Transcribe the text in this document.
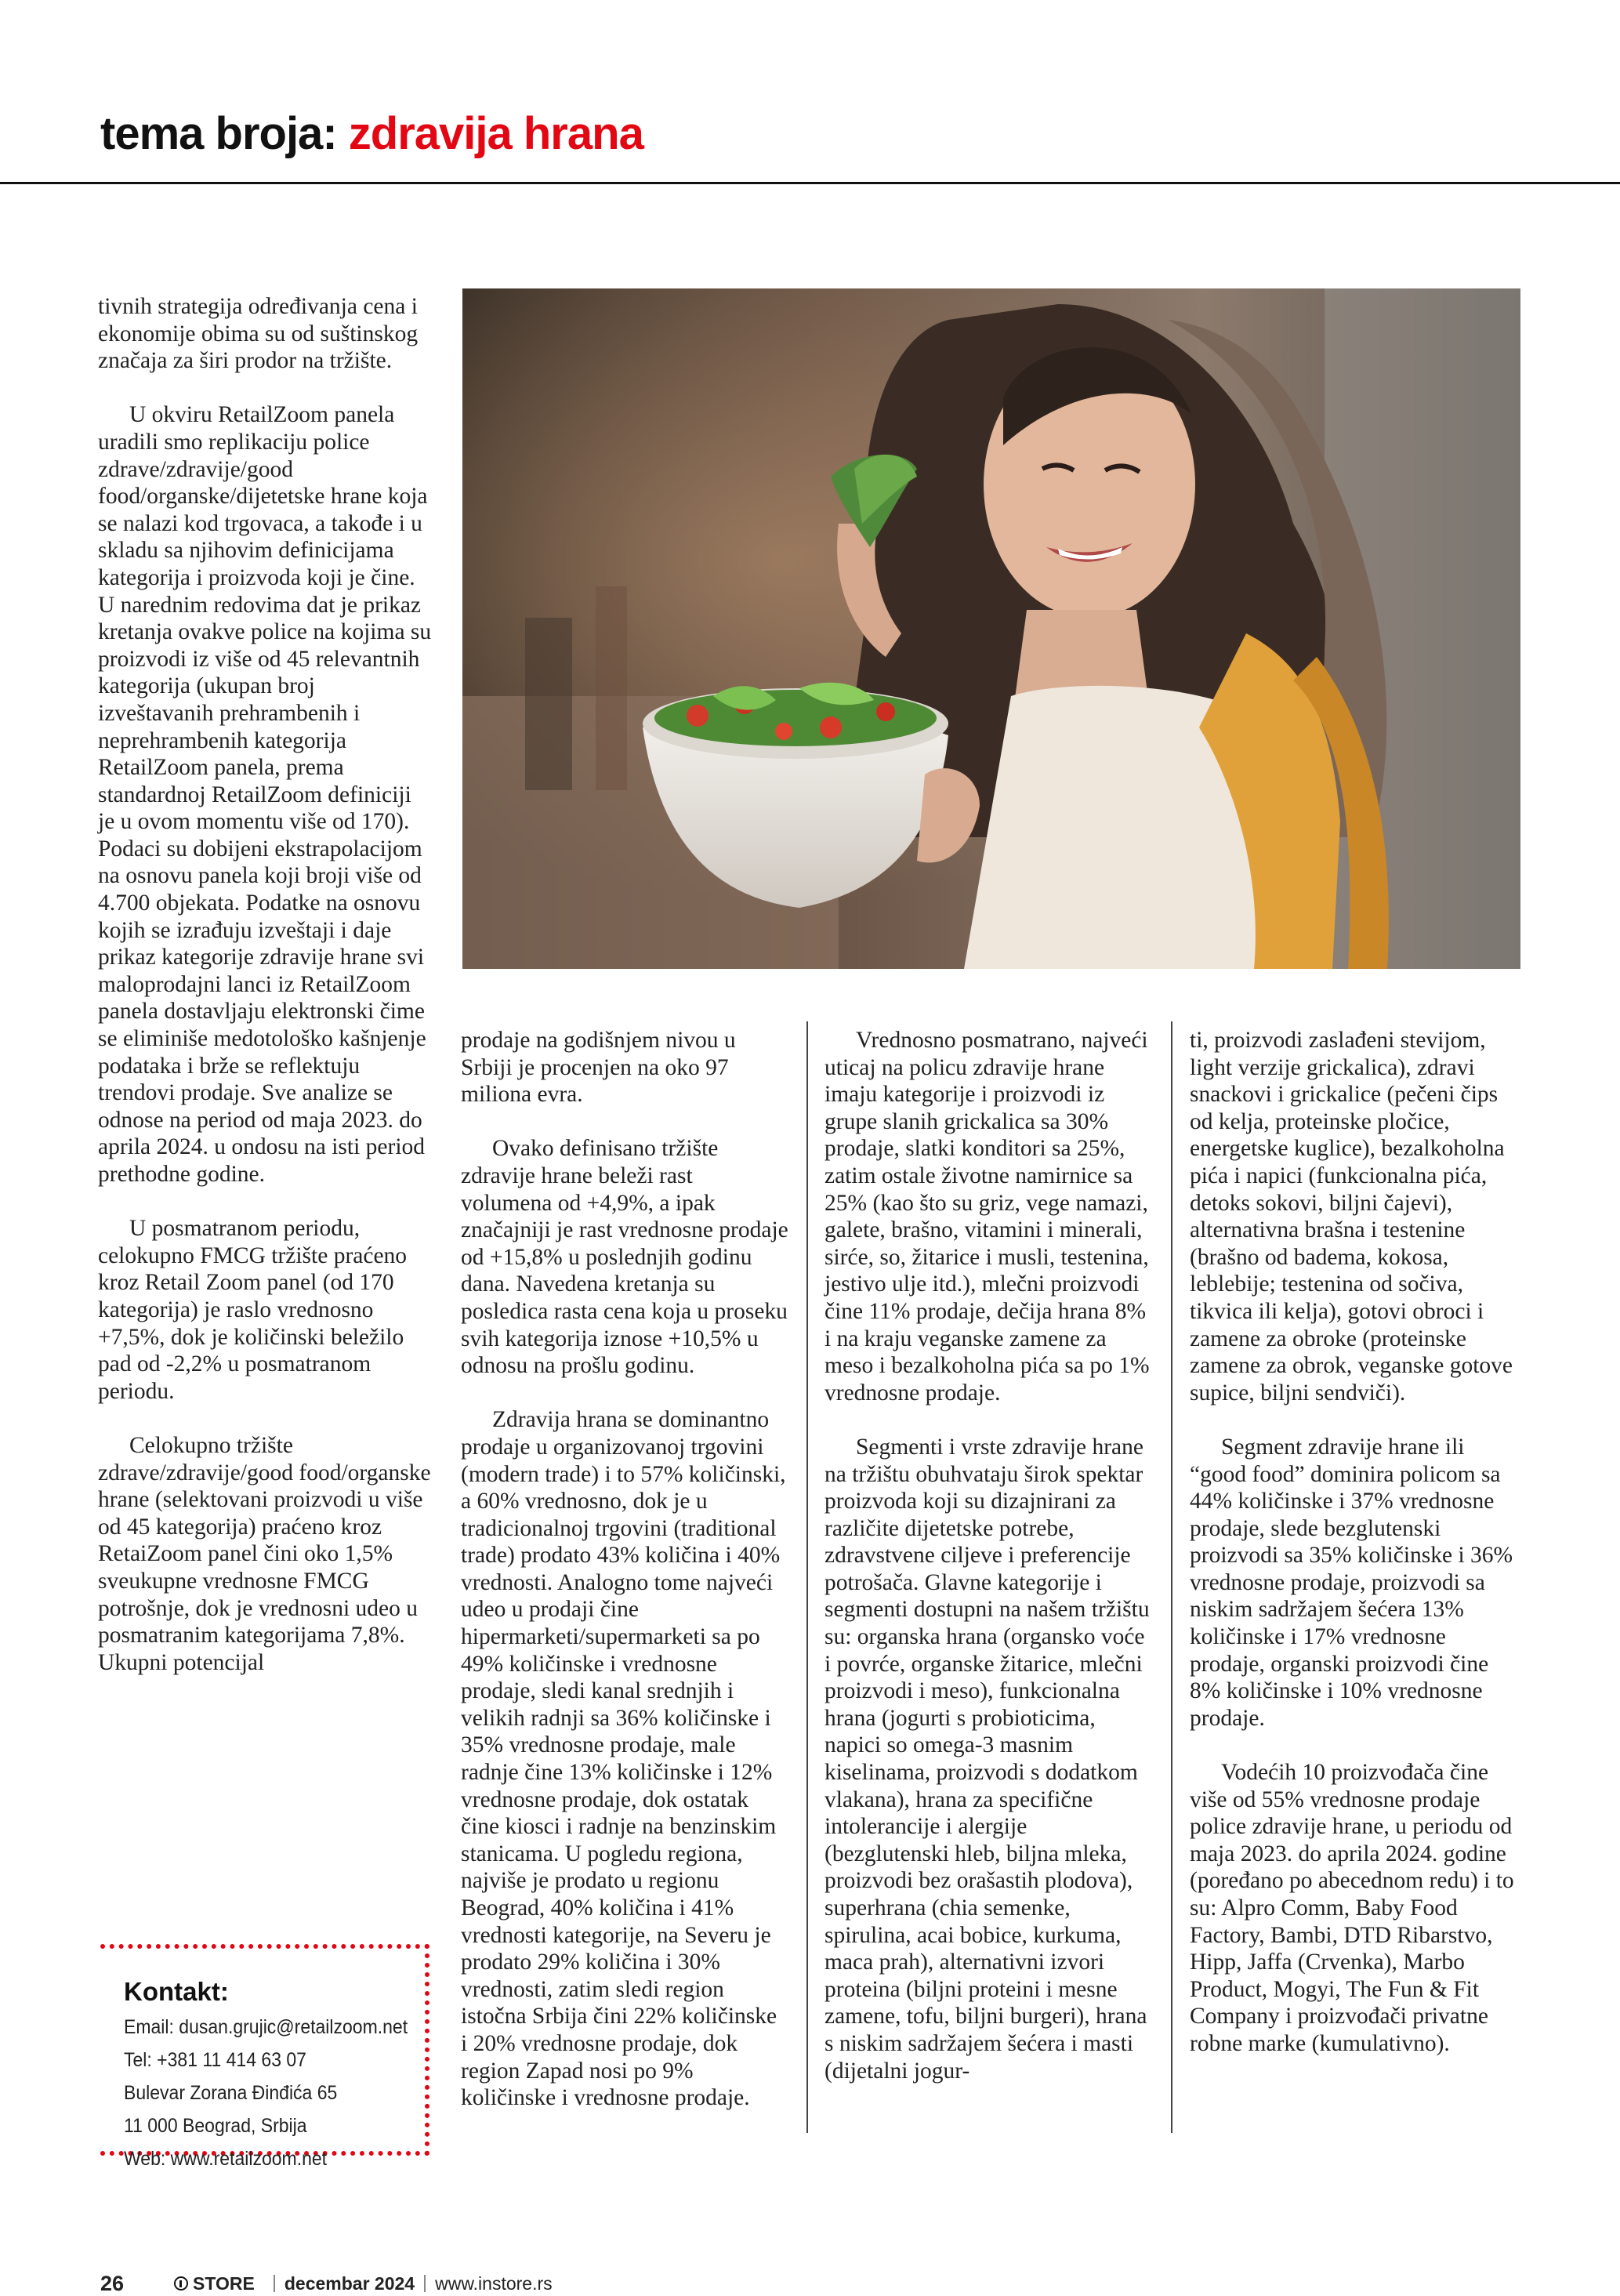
tema broja: zdravija hrana

tivnih strategija određivanja cena i ekonomije obima su od suštinskog značaja za širi prodor na tržište.

U okviru RetailZoom panela uradili smo replikaciju police zdrave/zdravije/good food/organske/dijetetske hrane koja se nalazi kod trgovaca, a takođe i u skladu sa njihovim definicijama kategorija i proizvoda koji je čine. U narednim redovima dat je prikaz kretanja ovakve police na kojima su proizvodi iz više od 45 relevantnih kategorija (ukupan broj izveštavanih prehrambenih i neprehrambenih kategorija RetailZoom panela, prema standardnoj RetailZoom definiciji je u ovom momentu više od 170). Podaci su dobijeni ekstrapolacijom na osnovu panela koji broji više od 4.700 objekata. Podatke na osnovu kojih se izrađuju izveštaji i daje prikaz kategorije zdravije hrane svi maloprodajni lanci iz RetailZoom panela dostavljaju elektronski čime se eliminiše medotološko kašnjenje podataka i brže se reflektuju trendovi prodaje. Sve analize se odnose na period od maja 2023. do aprila 2024. u ondosu na isti period prethodne godine.

U posmatranom periodu, celokupno FMCG tržište praćeno kroz Retail Zoom panel (od 170 kategorija) je raslo vrednosno +7,5%, dok je količinski beležilo pad od -2,2% u posmatranom periodu.

Celokupno tržište zdrave/zdravije/good food/organske hrane (selektovani proizvodi u više od 45 kategorija) praćeno kroz RetaiZoom panel čini oko 1,5% sveukupne vrednosne FMCG potrošnje, dok je vrednosni udeo u posmatranim kategorijama 7,8%. Ukupni potencijal

prodaje na godišnjem nivou u Srbiji je procenjen na oko 97 miliona evra.

Ovako definisano tržište zdravije hrane beleži rast volumena od +4,9%, a ipak značajniji je rast vrednosne prodaje od +15,8% u poslednjih godinu dana. Navedena kretanja su posledica rasta cena koja u proseku svih kategorija iznose +10,5% u odnosu na prošlu godinu.

Zdravija hrana se dominantno prodaje u organizovanoj trgovini (modern trade) i to 57% količinski, a 60% vrednosno, dok je u tradicionalnoj trgovini (traditional trade) prodato 43% količina i 40% vrednosti. Analogno tome najveći udeo u prodaji čine hipermarketi/supermarketi sa po 49% količinske i vrednosne prodaje, sledi kanal srednjih i velikih radnji sa 36% količinske i 35% vrednosne prodaje, male radnje čine 13% količinske i 12% vrednosne prodaje, dok ostatak čine kiosci i radnje na benzinskim stanicama. U pogledu regiona, najviše je prodato u regionu Beograd, 40% količina i 41% vrednosti kategorije, na Severu je prodato 29% količina i 30% vrednosti, zatim sledi region istočna Srbija čini 22% količinske i 20% vrednosne prodaje, dok region Zapad nosi po 9% količinske i vrednosne prodaje.

Vrednosno posmatrano, najveći uticaj na policu zdravije hrane imaju kategorije i proizvodi iz grupe slanih grickalica sa 30% prodaje, slatki konditori sa 25%, zatim ostale životne namirnice sa 25% (kao što su griz, vege namazi, galete, brašno, vitamini i minerali, sirće, so, žitarice i musli, testenina, jestivo ulje itd.), mlečni proizvodi čine 11% prodaje, dečija hrana 8% i na kraju veganske zamene za meso i bezalkoholna pića sa po 1% vrednosne prodaje.

Segmenti i vrste zdravije hrane na tržištu obuhvataju širok spektar proizvoda koji su dizajnirani za različite dijetetske potrebe, zdravstvene ciljeve i preferencije potrošača. Glavne kategorije i segmenti dostupni na našem tržištu su: organska hrana (organsko voće i povrće, organske žitarice, mlečni proizvodi i meso), funkcionalna hrana (jogurti s probioticima, napici so omega-3 masnim kiselinama, proizvodi s dodatkom vlakana), hrana za specifične intolerancije i alergije (bezglutenski hleb, biljna mleka, proizvodi bez orašastih plodova), superhrana (chia semenke, spirulina, acai bobice, kurkuma, maca prah), alternativni izvori proteina (biljni proteini i mesne zamene, tofu, biljni burgeri), hrana s niskim sadržajem šećera i masti (dijetalni jogur-

ti, proizvodi zaslađeni stevijom, light verzije grickalica), zdravi snackovi i grickalice (pečeni čips od kelja, proteinske pločice, energetske kuglice), bezalkoholna pića i napici (funkcionalna pića, detoks sokovi, biljni čajevi), alternativna brašna i testenine (brašno od badema, kokosa, leblebije; testenina od sočiva, tikvica ili kelja), gotovi obroci i zamene za obroke (proteinske zamene za obrok, veganske gotove supice, biljni sendviči).

Segment zdravije hrane ili “good food” dominira policom sa 44% količinske i 37% vrednosne prodaje, slede bezglutenski proizvodi sa 35% količinske i 36% vrednosne prodaje, proizvodi sa niskim sadržajem šećera 13% količinske i 17% vrednosne prodaje, organski proizvodi čine 8% količinske i 10% vrednosne prodaje.

Vodećih 10 proizvođača čine više od 55% vrednosne prodaje police zdravije hrane, u periodu od maja 2023. do aprila 2024. godine (poređano po abecednom redu) i to su: Alpro Comm, Baby Food Factory, Bambi, DTD Ribarstvo, Hipp, Jaffa (Crvenka), Marbo Product, Mogyi, The Fun & Fit Company i proizvođači privatne robne marke (kumulativno).

Kontakt:
Email: dusan.grujic@retailzoom.net
Tel: +381 11 414 63 07
Bulevar Zorana Đinđića 65
11 000 Beograd, Srbija
Web: www.retailzoom.net
26	STORE decembar 2024 www.instore.rs
